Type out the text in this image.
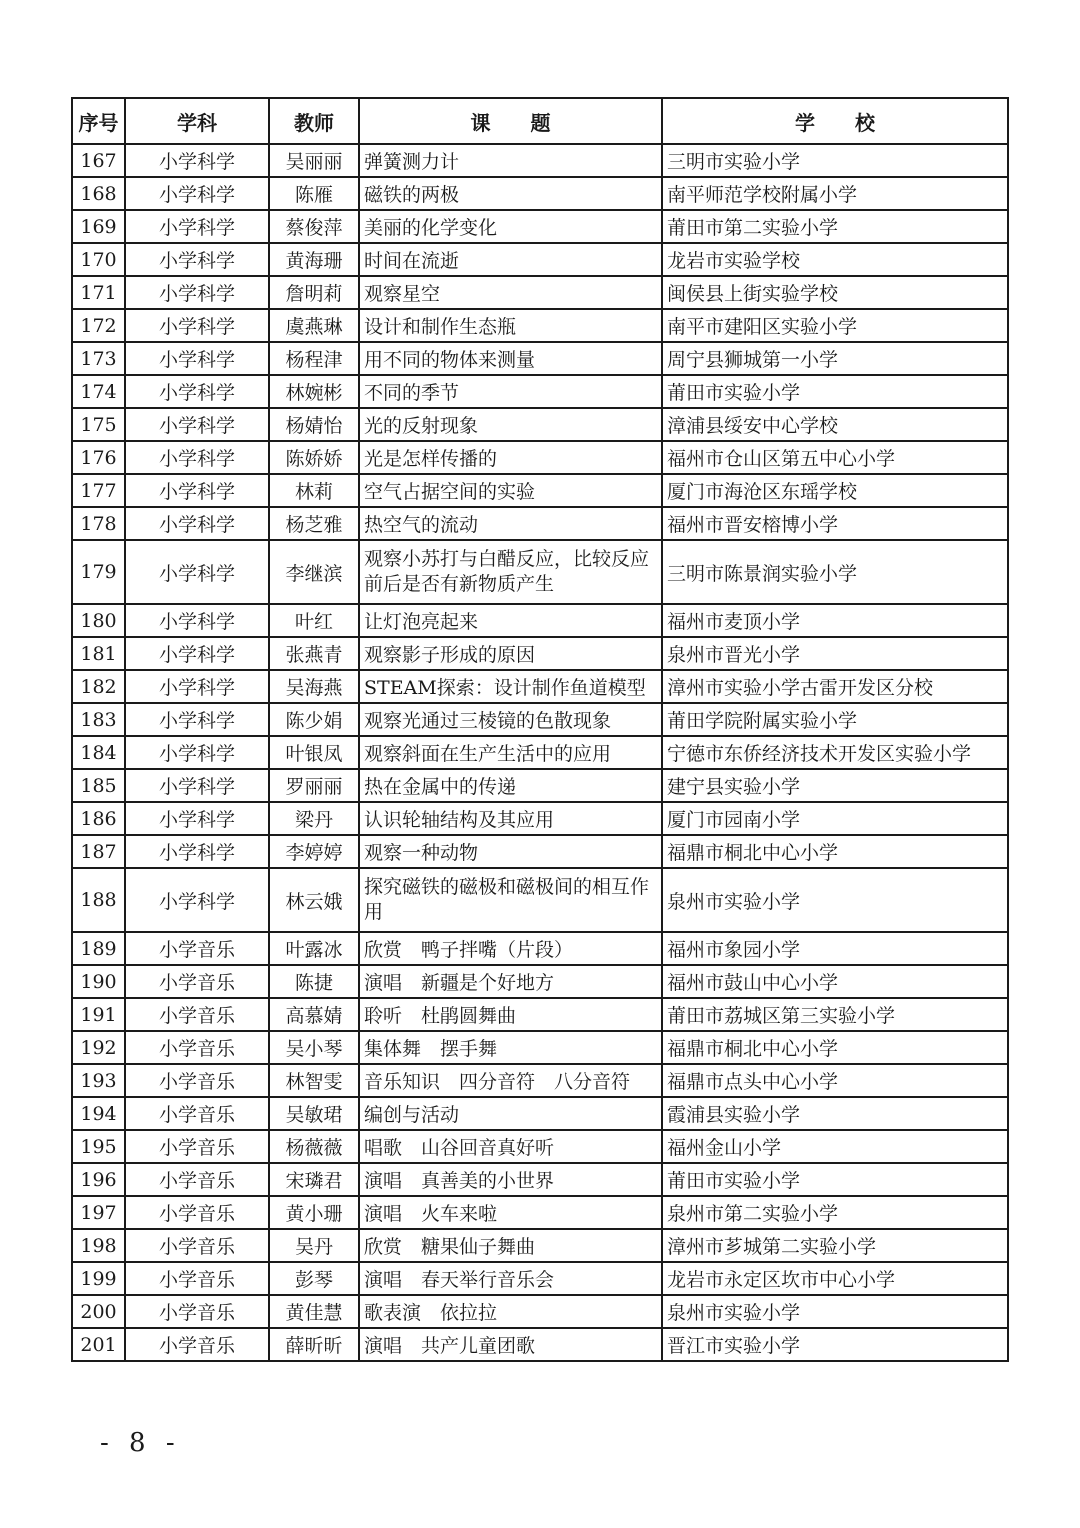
序号	学科	教师	课　　题	学　　校
167	小学科学	吴丽丽	弹簧测力计	三明市实验小学
168	小学科学	陈雁	磁铁的两极	南平师范学校附属小学
169	小学科学	蔡俊萍	美丽的化学变化	莆田市第二实验小学
170	小学科学	黄海珊	时间在流逝	龙岩市实验学校
171	小学科学	詹明莉	观察星空	闽侯县上街实验学校
172	小学科学	虞燕琳	设计和制作生态瓶	南平市建阳区实验小学
173	小学科学	杨程津	用不同的物体来测量	周宁县狮城第一小学
174	小学科学	林婉彬	不同的季节	莆田市实验小学
175	小学科学	杨婧怡	光的反射现象	漳浦县绥安中心学校
176	小学科学	陈娇娇	光是怎样传播的	福州市仓山区第五中心小学
177	小学科学	林莉	空气占据空间的实验	厦门市海沧区东瑶学校
178	小学科学	杨芝雅	热空气的流动	福州市晋安榕博小学
179	小学科学	李继滨	观察小苏打与白醋反应，比较反应前后是否有新物质产生	三明市陈景润实验小学
180	小学科学	叶红	让灯泡亮起来	福州市麦顶小学
181	小学科学	张燕青	观察影子形成的原因	泉州市晋光小学
182	小学科学	吴海燕	STEAM探索：设计制作鱼道模型	漳州市实验小学古雷开发区分校
183	小学科学	陈少娟	观察光通过三棱镜的色散现象	莆田学院附属实验小学
184	小学科学	叶银凤	观察斜面在生产生活中的应用	宁德市东侨经济技术开发区实验小学
185	小学科学	罗丽丽	热在金属中的传递	建宁县实验小学
186	小学科学	梁丹	认识轮轴结构及其应用	厦门市园南小学
187	小学科学	李婷婷	观察一种动物	福鼎市桐北中心小学
188	小学科学	林云娥	探究磁铁的磁极和磁极间的相互作用	泉州市实验小学
189	小学音乐	叶露冰	欣赏　鸭子拌嘴（片段）	福州市象园小学
190	小学音乐	陈捷	演唱　新疆是个好地方	福州市鼓山中心小学
191	小学音乐	高慕婧	聆听　杜鹃圆舞曲	莆田市荔城区第三实验小学
192	小学音乐	吴小琴	集体舞　摆手舞	福鼎市桐北中心小学
193	小学音乐	林智雯	音乐知识　四分音符　八分音符	福鼎市点头中心小学
194	小学音乐	吴敏珺	编创与活动	霞浦县实验小学
195	小学音乐	杨薇薇	唱歌　山谷回音真好听	福州金山小学
196	小学音乐	宋璘君	演唱　真善美的小世界	莆田市实验小学
197	小学音乐	黄小珊	演唱　火车来啦	泉州市第二实验小学
198	小学音乐	吴丹	欣赏　糖果仙子舞曲	漳州市芗城第二实验小学
199	小学音乐	彭琴	演唱　春天举行音乐会	龙岩市永定区坎市中心小学
200	小学音乐	黄佳慧	歌表演　依拉拉	泉州市实验小学
201	小学音乐	薛昕昕	演唱　共产儿童团歌	晋江市实验小学
- 8 -
